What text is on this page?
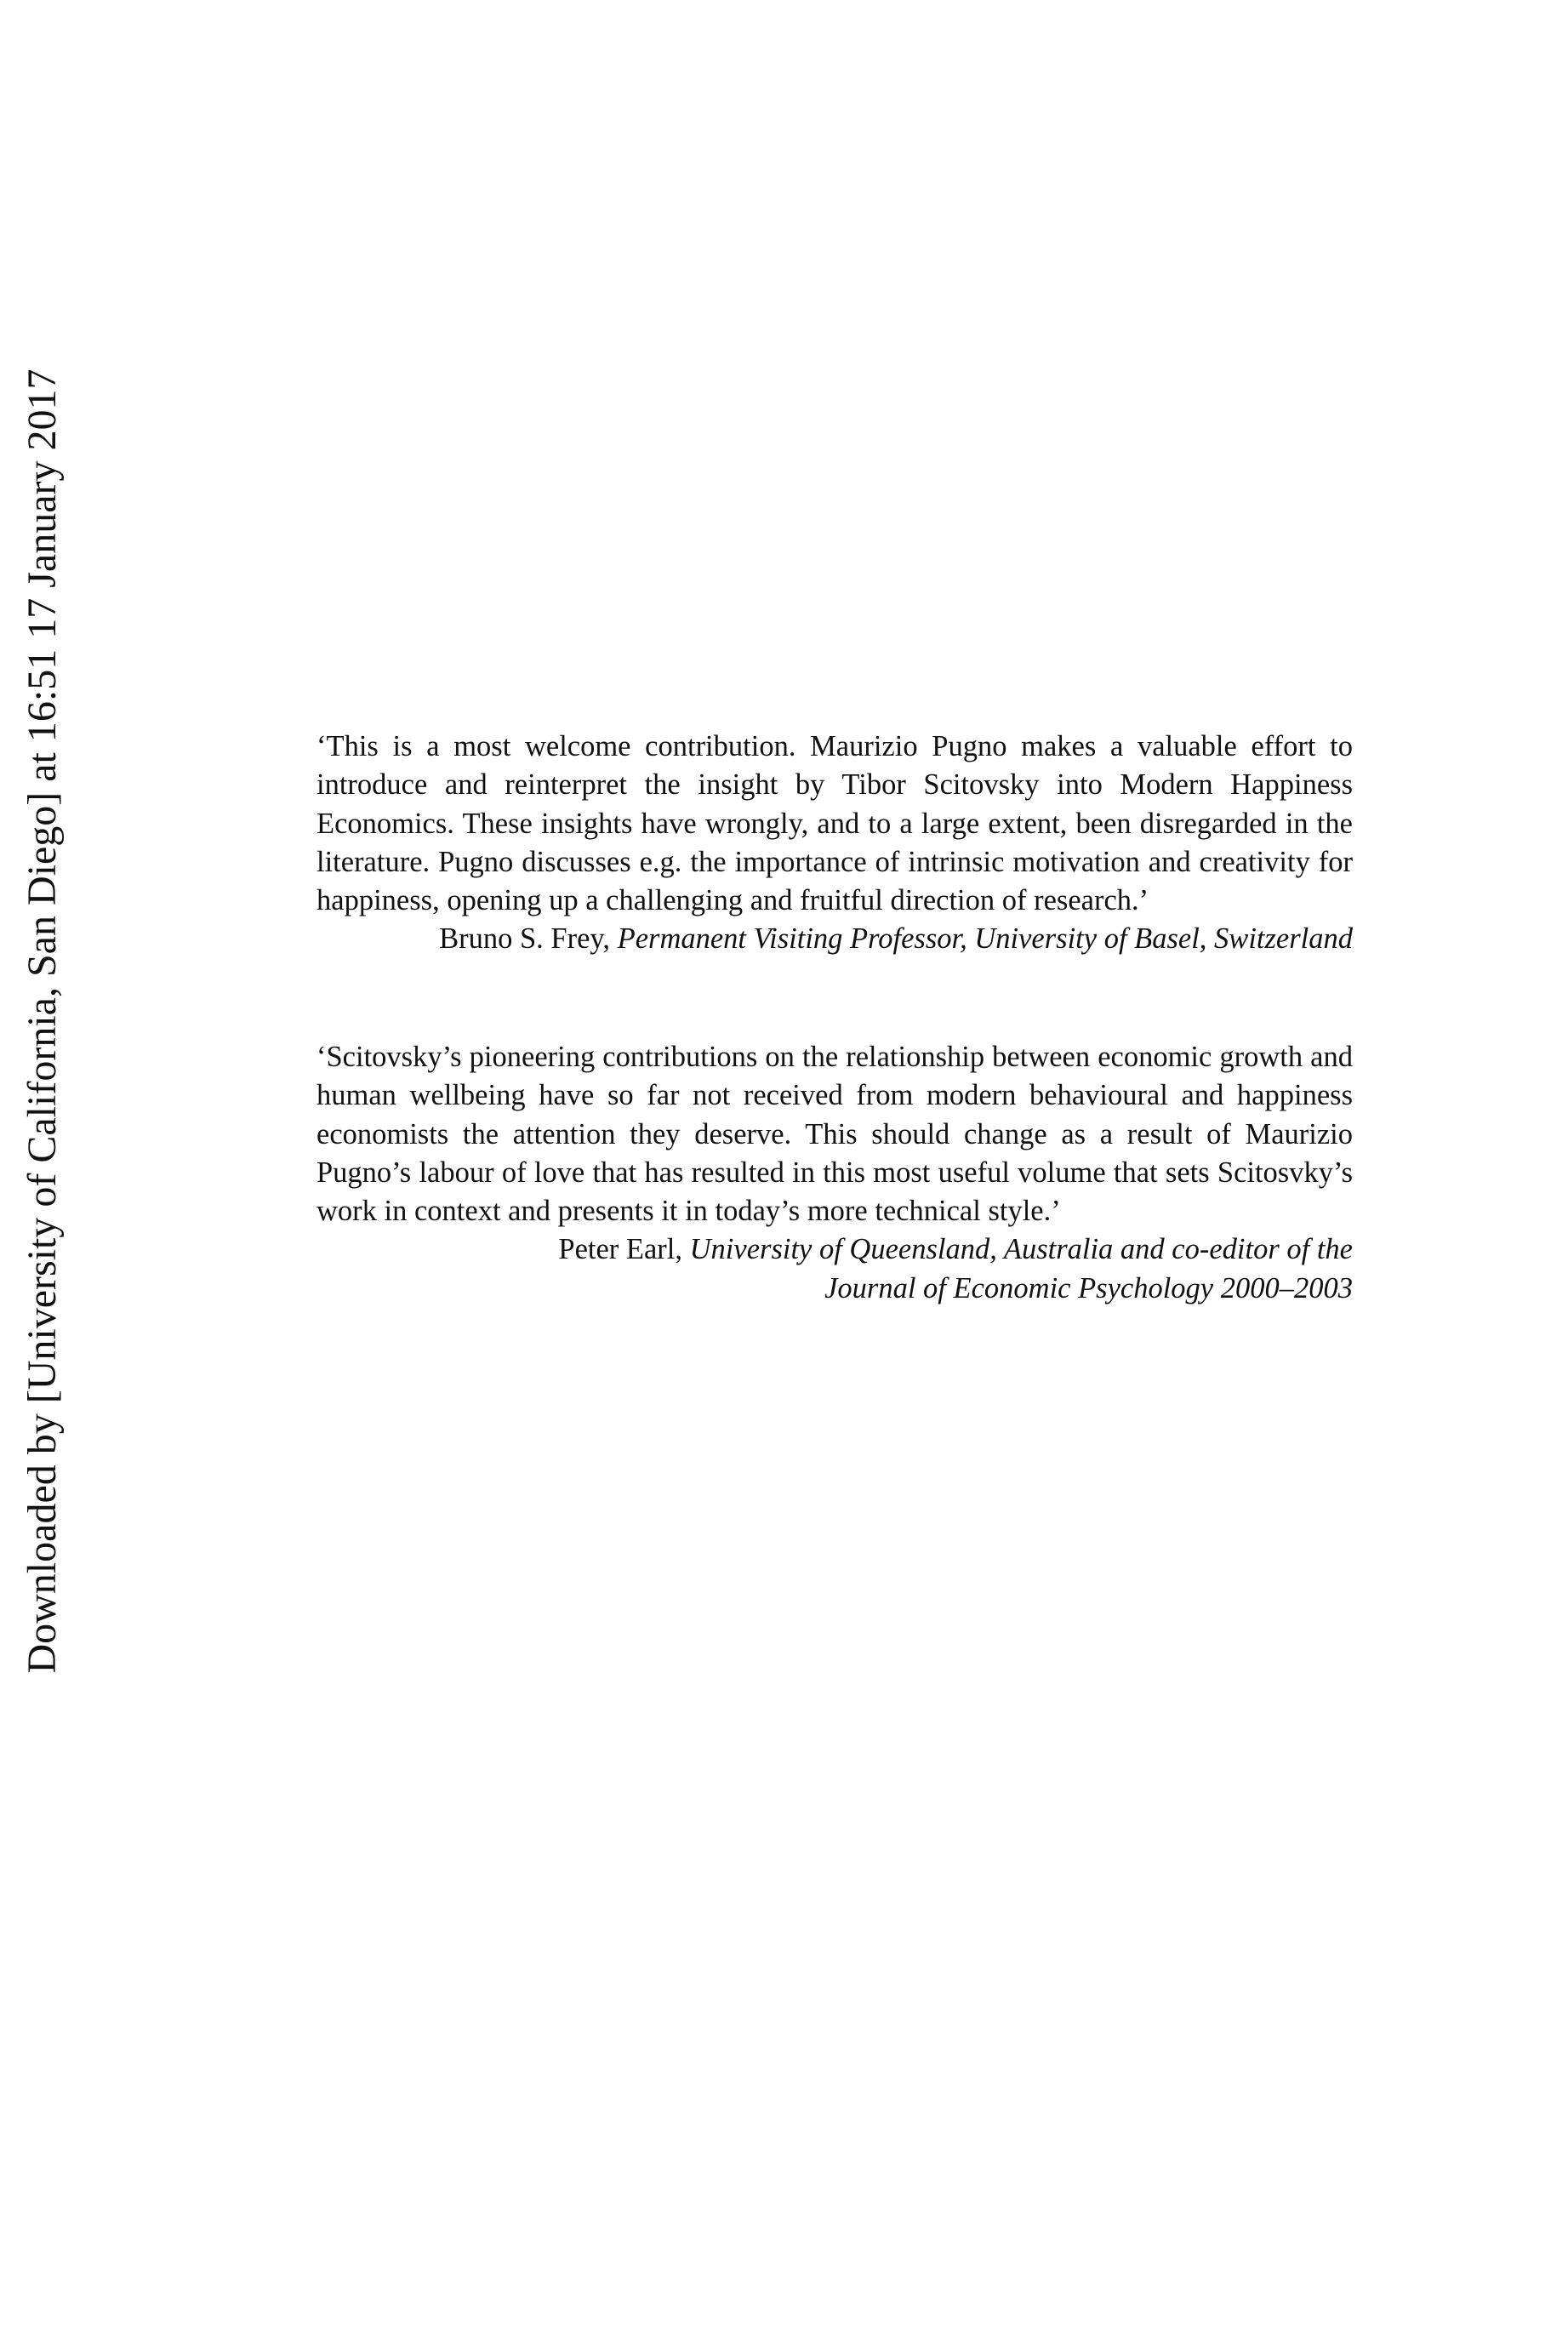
Downloaded by [University of California, San Diego] at 16:51 17 January 2017	‘This is a most welcome contribution. Maurizio Pugno makes a valuable effort to introduce and reinterpret the insight by Tibor Scitovsky into Modern Happiness Economics. These insights have wrongly, and to a large extent, been disregarded in the literature. Pugno discusses e.g. the importance of intrinsic motivation and creativity for happiness, opening up a challenging and fruitful direction of research.’

Bruno S. Frey, Permanent Visiting Professor, University of Basel, Switzerland

‘Scitovsky’s pioneering contributions on the relationship between economic growth and human wellbeing have so far not received from modern behavioural and happiness economists the attention they deserve. This should change as a result of Maurizio Pugno’s labour of love that has resulted in this most useful volume that sets Scitosvky’s work in context and presents it in today’s more technical style.’

Peter Earl, University of Queensland, Australia and co-editor of the
Journal of Economic Psychology 2000–2003
